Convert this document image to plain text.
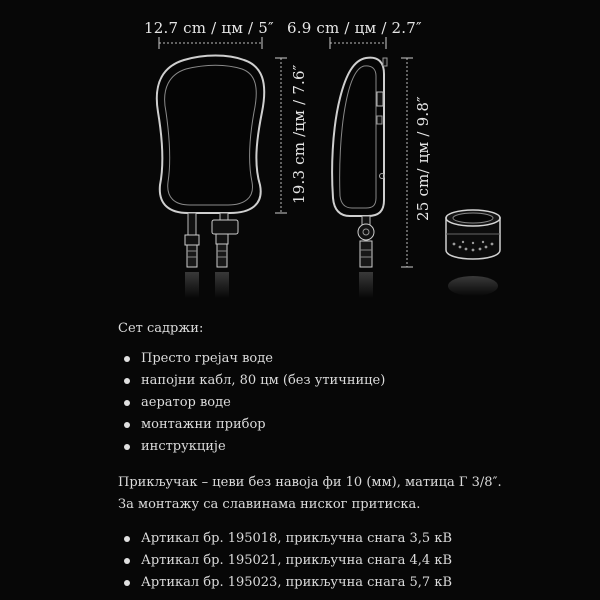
12.7 cm / цм / 5″
19.3 cm /цм / 7.6″
6.9 cm / цм / 2.7″
25 cm/ цм / 9.8″

Сет садржи:

Престо грејач воде
напојни кабл, 80 цм (без утичнице)
аератор воде
монтажни прибор
инструкције

Прикључак – цеви без навоја фи 10 (мм), матица Г 3/8″. За монтажу са славинама ниског притиска.

Артикал бр. 195018, прикључна снага 3,5 кВ
Артикал бр. 195021, прикључна снага 4,4 кВ
Артикал бр. 195023, прикључна снага 5,7 кВ
